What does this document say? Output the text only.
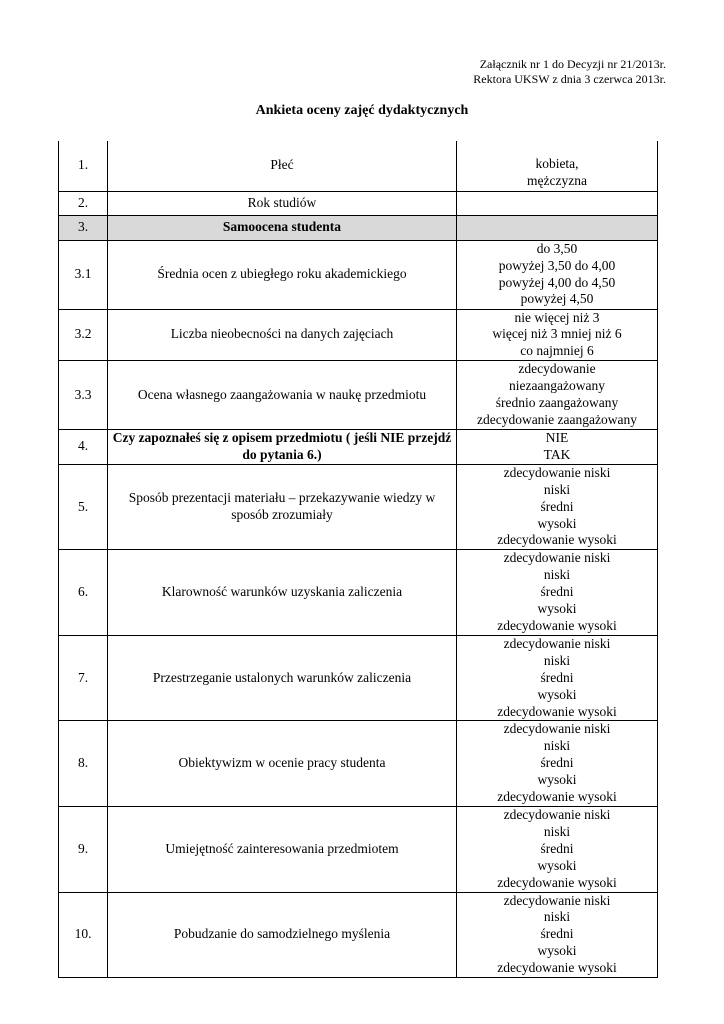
Załącznik nr 1 do Decyzji nr 21/2013r.
Rektora UKSW z dnia 3 czerwca 2013r.
Ankieta oceny zajęć dydaktycznych
1.	Płeć	kobieta,
mężczyzna

2.	Rok studiów	
3.	Samoocena studenta	
3.1	Średnia ocen z ubiegłego roku akademickiego	do 3,50
powyżej 3,50 do 4,00
powyżej 4,00 do 4,50
powyżej 4,50

3.2	Liczba nieobecności na danych zajęciach	nie więcej niż 3
więcej niż 3 mniej niż 6
co najmniej 6

3.3	Ocena własnego zaangażowania w naukę przedmiotu	zdecydowanie
niezaangażowany
średnio zaangażowany
zdecydowanie zaangażowany

4.	Czy zapoznałeś się z opisem przedmiotu ( jeśli NIE przejdź do pytania 6.)	NIE
TAK

5.	Sposób prezentacji materiału – przekazywanie wiedzy w sposób zrozumiały	zdecydowanie niski
niski
średni
wysoki
zdecydowanie wysoki

6.	Klarowność warunków uzyskania zaliczenia	zdecydowanie niski
niski
średni
wysoki
zdecydowanie wysoki

7.	Przestrzeganie ustalonych warunków zaliczenia	zdecydowanie niski
niski
średni
wysoki
zdecydowanie wysoki

8.	Obiektywizm w ocenie pracy studenta	zdecydowanie niski
niski
średni
wysoki
zdecydowanie wysoki

9.	Umiejętność zainteresowania przedmiotem	zdecydowanie niski
niski
średni
wysoki
zdecydowanie wysoki

10.	Pobudzanie do samodzielnego myślenia	zdecydowanie niski
niski
średni
wysoki
zdecydowanie wysoki
